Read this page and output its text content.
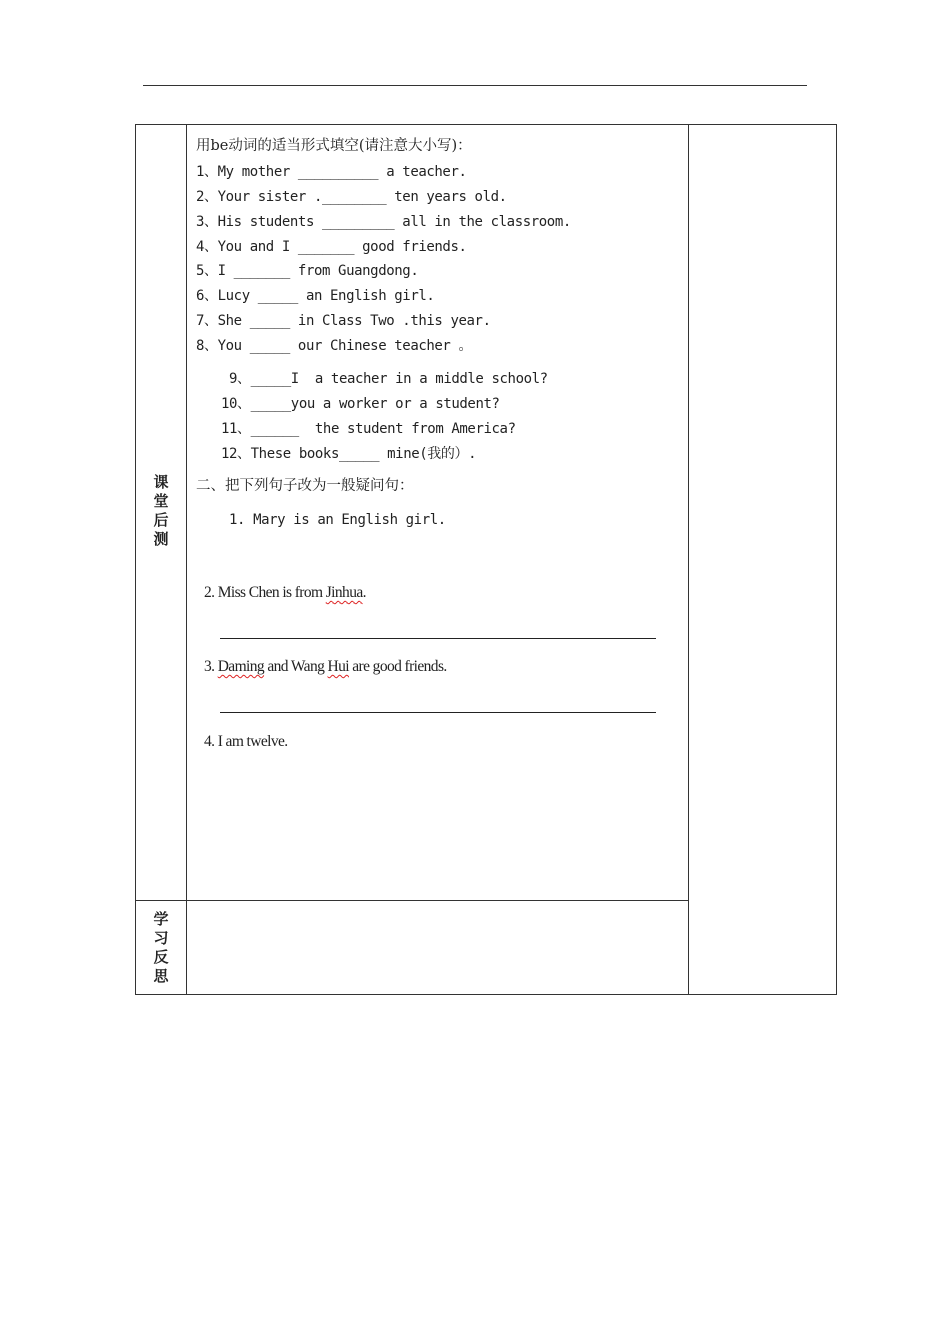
课
堂
后
测
学
习
反
思
用be动词的适当形式填空(请注意大小写)：
1、My mother __________ a teacher.
2、Your sister .________ ten years old.
3、His students _________ all in the classroom.
4、You and I _______ good friends.
5、I _______ from Guangdong.
6、Lucy _____ an English girl.
7、She _____ in Class Two .this year.
8、You _____ our Chinese teacher 。
9、_____I  a teacher in a middle school?
10、_____you a worker or a student?
11、______  the student from America?
12、These books_____ mine(我的）.
二、把下列句子改为一般疑问句：
1. Mary is an English girl.
2. Miss Chen is from Jinhua.
3. Daming and Wang Hui are good friends.
4. I am twelve.
